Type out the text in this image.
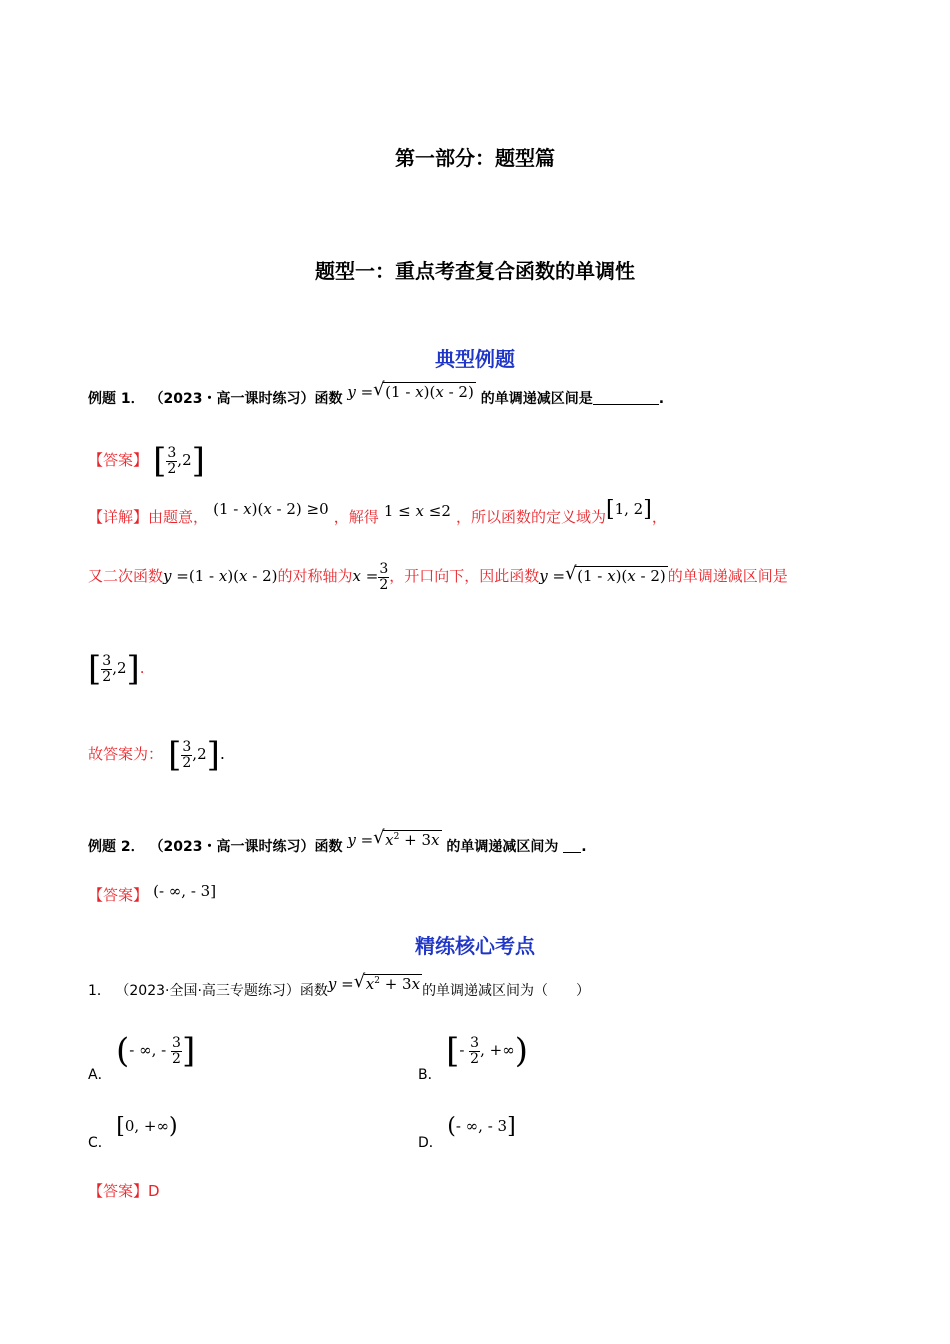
第一部分：题型篇
题型一：重点考查复合函数的单调性
典型例题
例题 1． （2023・高一课时练习）函数 y = √ (1 - x)(x - 2) 的单调递减区间是	.
【答案】 [ $\frac{3}{2} ,2$]
【详解】由题意， (1 - x)(x - 2) ≥0 ，解得 1 ≤ x ≤2 ，所以函数的定义域为[1, 2]，
又二次函数y =(1 - x)(x - 2)的对称轴为$x = \frac{3}{2}$ ，开口向下，因此函数y = √ (1 - x)(x - 2) 的单调递减区间是
[ $\frac{3}{2} ,2$].
故答案为： [ $\frac{3}{2} ,2$].
例题 2． （2023・高一课时练习）函数 y = √ $x^2 + 3x$ 的单调递减区间为 .
【答案】 (- ∞, - 3]
精练核心考点
1． （2023·全国·高三专题练习）函数y = √ $x^2 + 3x$ 的单调递减区间为（　　）
A． (- ∞, - $\frac{3}{2}$ ]
B． [- $\frac{3}{2}$ , +∞)
C． [0, +∞)
D． (- ∞, - 3]
【答案】D
